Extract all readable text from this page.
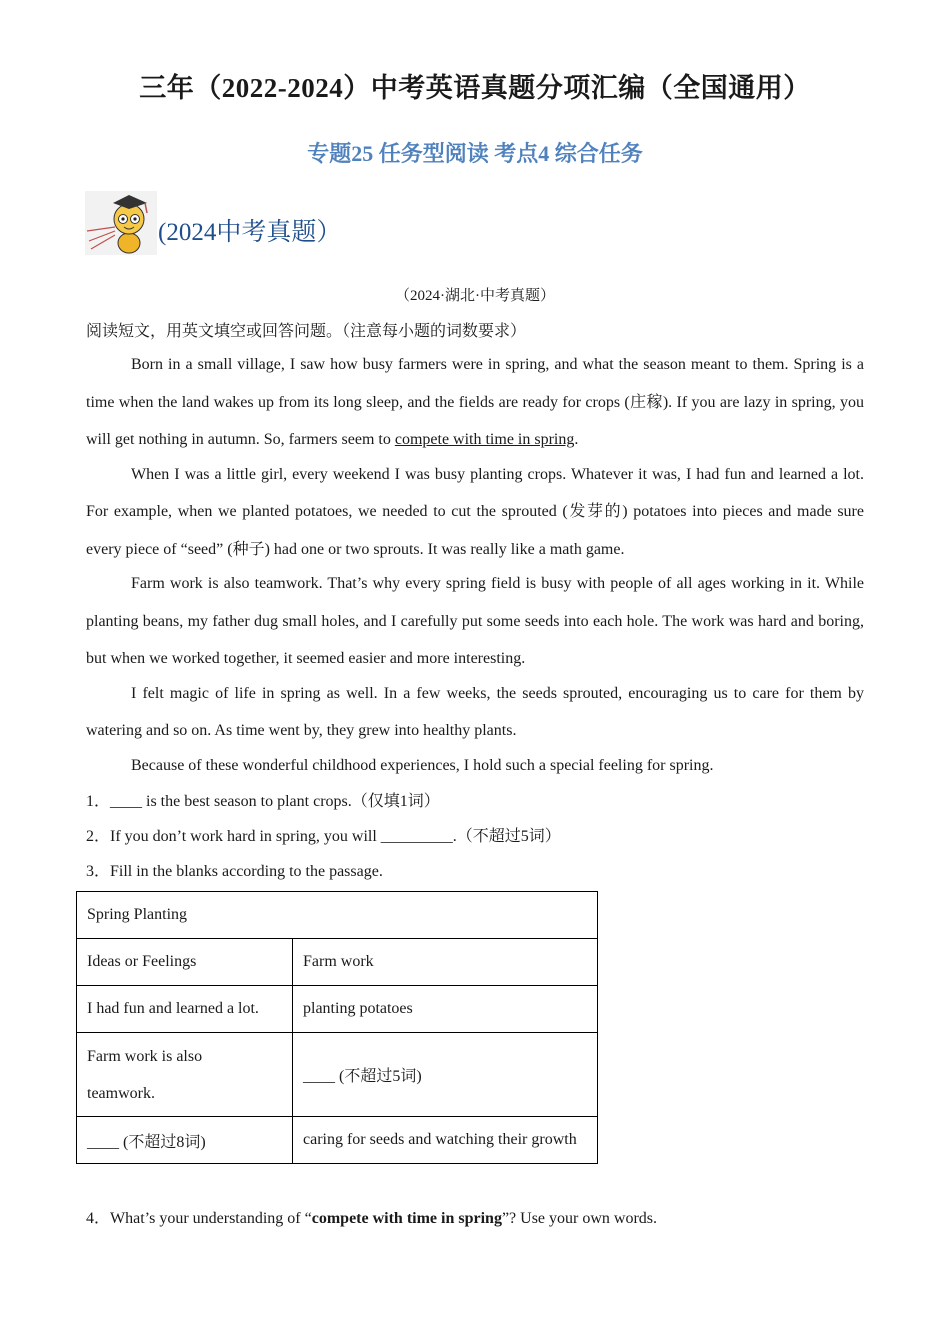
三年（2022-2024）中考英语真题分项汇编（全国通用）
专题25 任务型阅读 考点4 综合任务
(2024中考真题）
（2024·湖北·中考真题）
阅读短文，用英文填空或回答问题。（注意每小题的词数要求）

Born in a small village, I saw how busy farmers were in spring, and what the season meant to them. Spring is a time when the land wakes up from its long sleep, and the fields are ready for crops (庄稼). If you are lazy in spring, you will get nothing in autumn. So, farmers seem to compete with time in spring.

When I was a little girl, every weekend I was busy planting crops. Whatever it was, I had fun and learned a lot. For example, when we planted potatoes, we needed to cut the sprouted (发芽的) potatoes into pieces and made sure every piece of “seed” (种子) had one or two sprouts. It was really like a math game.

Farm work is also teamwork. That’s why every spring field is busy with people of all ages working in it. While planting beans, my father dug small holes, and I carefully put some seeds into each hole. The work was hard and boring, but when we worked together, it seemed easier and more interesting.

I felt magic of life in spring as well. In a few weeks, the seeds sprouted, encouraging us to care for them by watering and so on. As time went by, they grew into healthy plants.

Because of these wonderful childhood experiences, I hold such a special feeling for spring.

1．____ is the best season to plant crops.（仅填1词）
2．If you don’t work hard in spring, you will _________.（不超过5词）
3．Fill in the blanks according to the passage.
Spring Planting	
Ideas or Feelings	Farm work
I had fun and learned a lot.	planting potatoes
Farm work is also
teamwork.	____ (不超过5词)
____ (不超过8词)	caring for seeds and watching their growth
4．What’s your understanding of “compete with time in spring”? Use your own words.
